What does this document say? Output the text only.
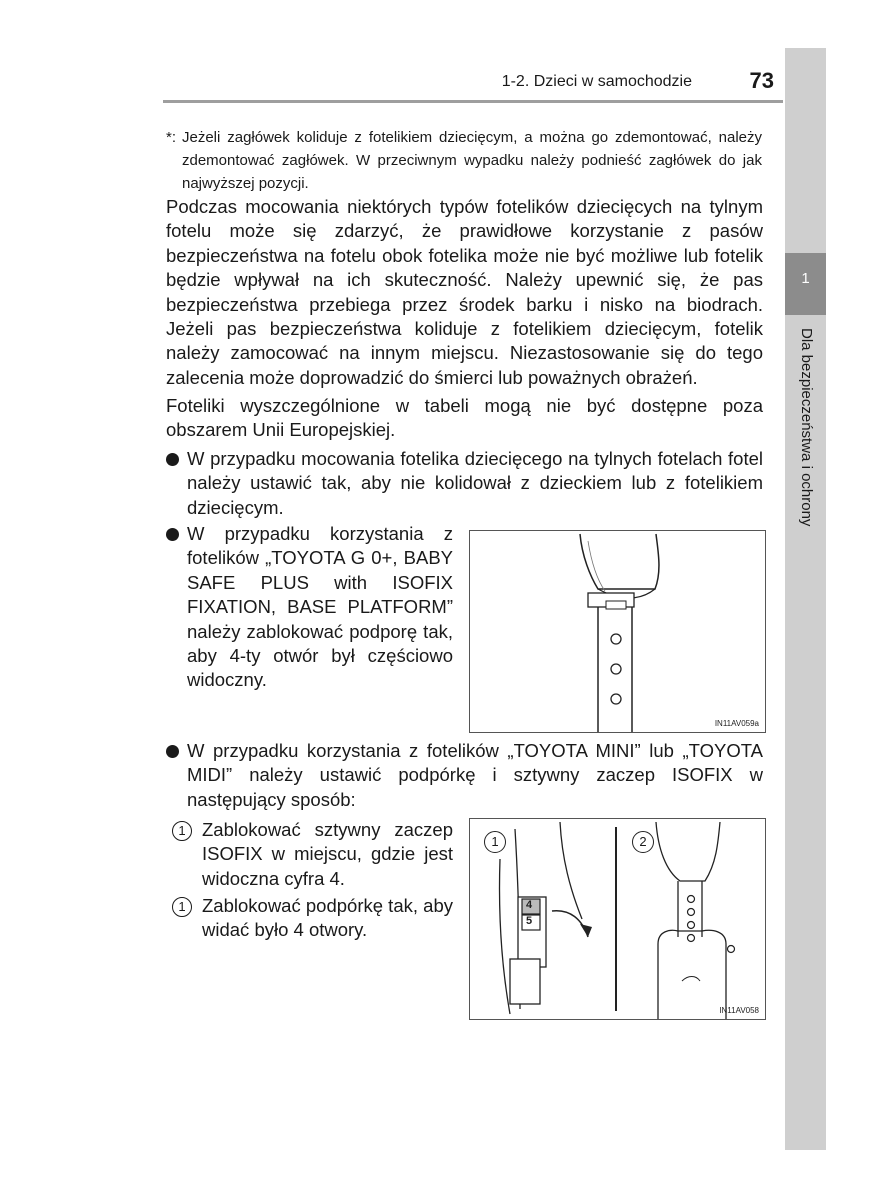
1
Dla bezpieczeństwa i ochrony
1-2. Dzieci w samochodzie	73
*: Jeżeli zagłówek koliduje z fotelikiem dziecięcym, a można go zdemontować, należy zdemontować zagłówek. W przeciwnym wypadku należy podnieść zagłówek do jak najwyższej pozycji.
Podczas mocowania niektórych typów fotelików dziecięcych na tylnym fotelu może się zdarzyć, że prawidłowe korzystanie z pasów bezpieczeństwa na fotelu obok fotelika może nie być możliwe lub fotelik będzie wpływał na ich skuteczność. Należy upewnić się, że pas bezpieczeństwa przebiega przez środek barku i nisko na biodrach. Jeżeli pas bezpieczeństwa koliduje z fotelikiem dziecięcym, fotelik należy zamocować na innym miejscu. Niezastosowanie się do tego zalecenia może doprowadzić do śmierci lub poważnych obrażeń.
Foteliki wyszczególnione w tabeli mogą nie być dostępne poza obszarem Unii Europejskiej.
W przypadku mocowania fotelika dziecięcego na tylnych fotelach fotel należy ustawić tak, aby nie kolidował z dzieckiem lub z fotelikiem dziecięcym.
W przypadku korzystania z fotelików „TOYOTA G 0+, BABY SAFE PLUS with ISOFIX FIXATION, BASE PLATFORM” należy zablokować podporę tak, aby 4-ty otwór był częściowo widoczny.
W przypadku korzystania z fotelików „TOYOTA MINI” lub „TOYOTA MIDI” należy ustawić podpórkę i sztywny zaczep ISOFIX w następujący sposób:
1 Zablokować sztywny zaczep ISOFIX w miejscu, gdzie jest widoczna cyfra 4.
1 Zablokować podpórkę tak, aby widać było 4 otwory.
IN11AV059a
1	2
4
5
IN11AV058
